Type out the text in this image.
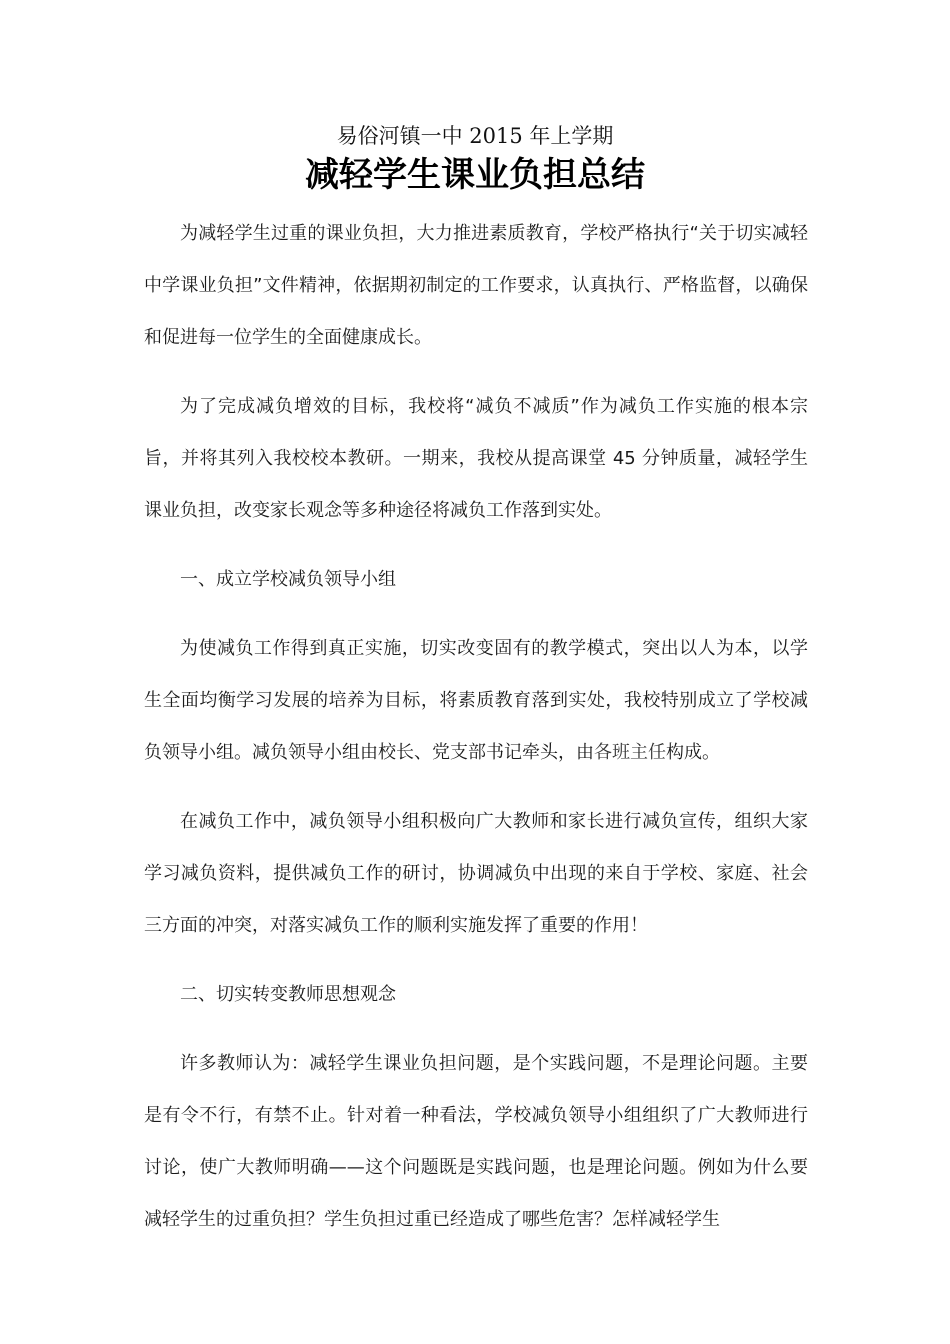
易俗河镇一中 2015 年上学期
减轻学生课业负担总结

为减轻学生过重的课业负担，大力推进素质教育，学校严格执行“关于切实减轻中学课业负担”文件精神，依据期初制定的工作要求，认真执行、严格监督，以确保和促进每一位学生的全面健康成长。

为了完成减负增效的目标，我校将“减负不减质”作为减负工作实施的根本宗旨，并将其列入我校校本教研。一期来，我校从提高课堂 45 分钟质量，减轻学生课业负担，改变家长观念等多种途径将减负工作落到实处。

一、成立学校减负领导小组

为使减负工作得到真正实施，切实改变固有的教学模式，突出以人为本，以学生全面均衡学习发展的培养为目标，将素质教育落到实处，我校特别成立了学校减负领导小组。减负领导小组由校长、党支部书记牵头，由各班主任构成。

在减负工作中，减负领导小组积极向广大教师和家长进行减负宣传，组织大家学习减负资料，提供减负工作的研讨，协调减负中出现的来自于学校、家庭、社会三方面的冲突，对落实减负工作的顺利实施发挥了重要的作用！

二、切实转变教师思想观念

许多教师认为：减轻学生课业负担问题，是个实践问题，不是理论问题。主要是有令不行，有禁不止。针对着一种看法，学校减负领导小组组织了广大教师进行讨论，使广大教师明确——这个问题既是实践问题，也是理论问题。例如为什么要减轻学生的过重负担？学生负担过重已经造成了哪些危害？怎样减轻学生
